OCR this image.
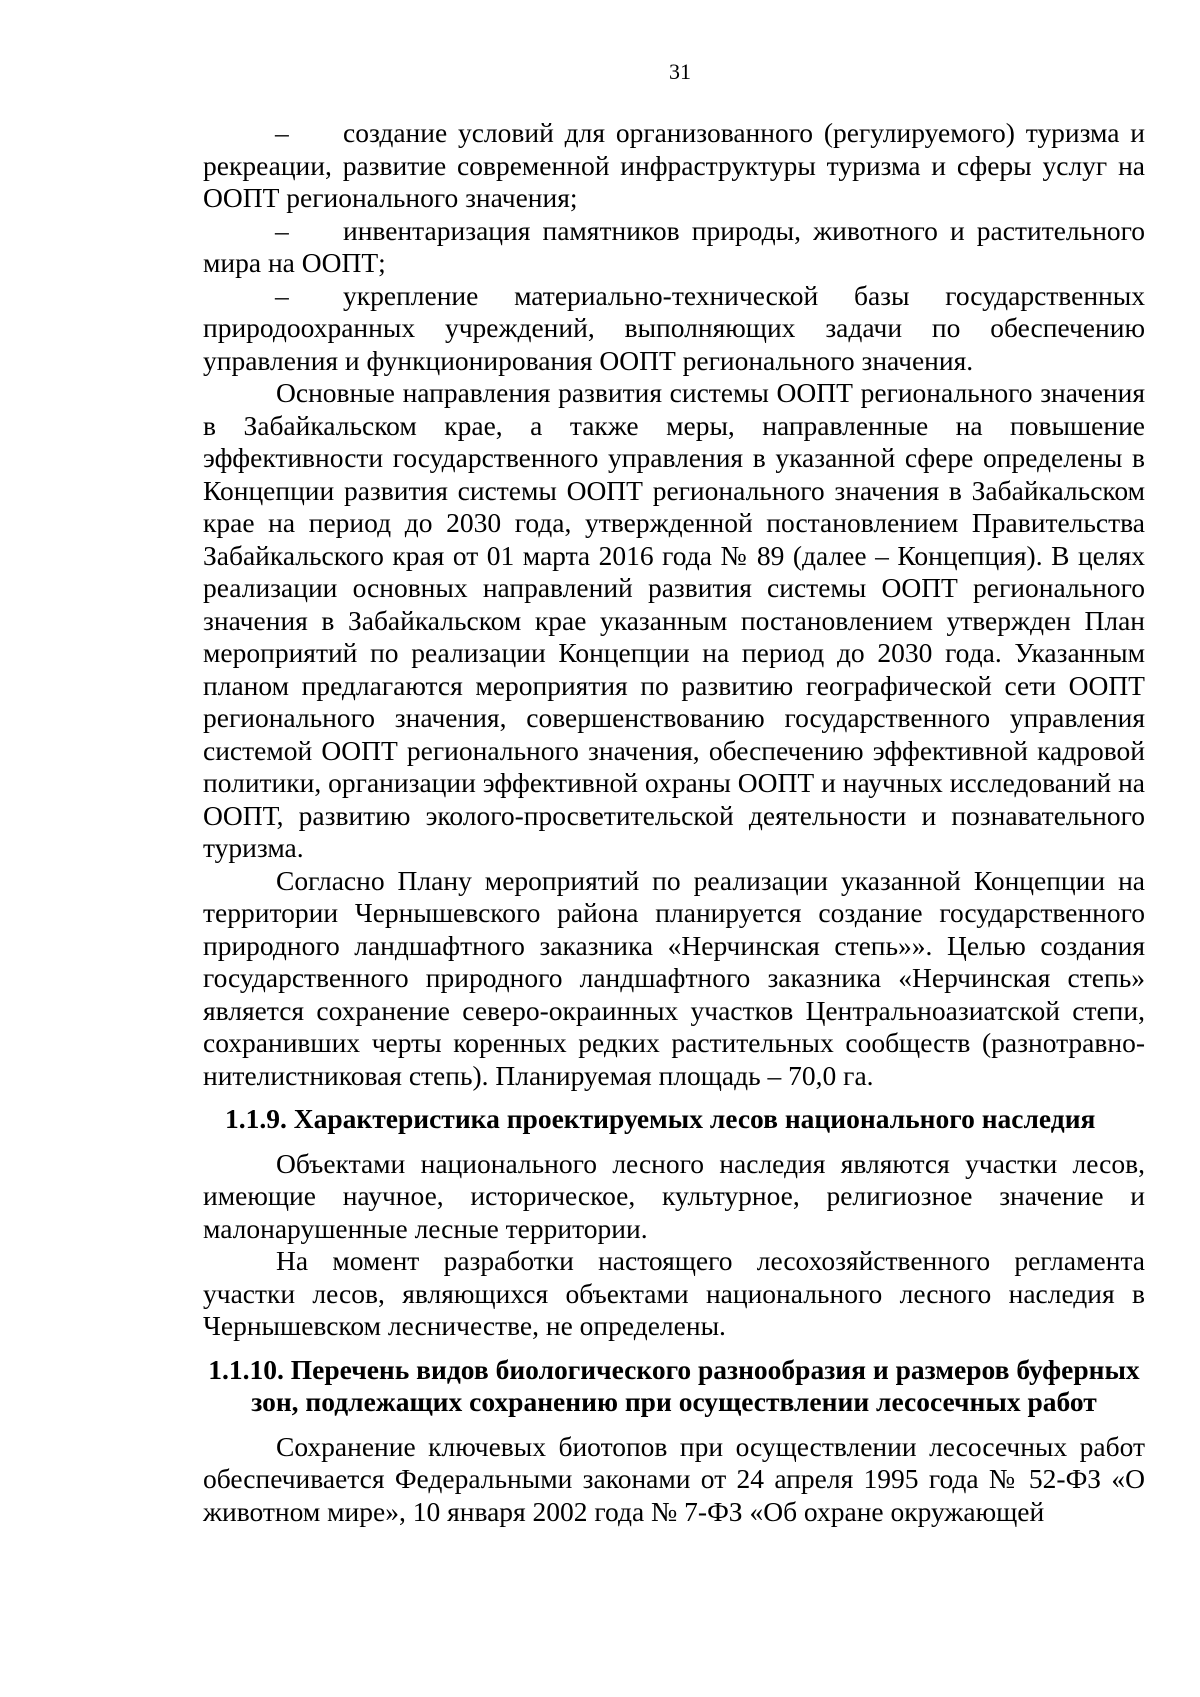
31

– создание условий для организованного (регулируемого) туризма и рекреации, развитие современной инфраструктуры туризма и сферы услуг на ООПТ регионального значения;

– инвентаризация памятников природы, животного и растительного мира на ООПТ;

– укрепление материально-технической базы государственных природоохранных учреждений, выполняющих задачи по обеспечению управления и функционирования ООПТ регионального значения.

Основные направления развития системы ООПТ регионального значения в Забайкальском крае, а также меры, направленные на повышение эффективности государственного управления в указанной сфере определены в Концепции развития системы ООПТ регионального значения в Забайкальском крае на период до 2030 года, утвержденной постановлением Правительства Забайкальского края от 01 марта 2016 года № 89 (далее – Концепция). В целях реализации основных направлений развития системы ООПТ регионального значения в Забайкальском крае указанным постановлением утвержден План мероприятий по реализации Концепции на период до 2030 года. Указанным планом предлагаются мероприятия по развитию географической сети ООПТ регионального значения, совершенствованию государственного управления системой ООПТ регионального значения, обеспечению эффективной кадровой политики, организации эффективной охраны ООПТ и научных исследований на ООПТ, развитию эколого-просветительской деятельности и познавательного туризма.

Согласно Плану мероприятий по реализации указанной Концепции на территории Чернышевского района планируется создание государственного природного ландшафтного заказника «Нерчинская степь»». Целью создания государственного природного ландшафтного заказника «Нерчинская степь» является сохранение северо-окраинных участков Центральноазиатской степи, сохранивших черты коренных редких растительных сообществ (разнотравно-нителистниковая степь). Планируемая площадь – 70,0 га.

1.1.9. Характеристика проектируемых лесов национального наследия

Объектами национального лесного наследия являются участки лесов, имеющие научное, историческое, культурное, религиозное значение и малонарушенные лесные территории.

На момент разработки настоящего лесохозяйственного регламента участки лесов, являющихся объектами национального лесного наследия в Чернышевском лесничестве, не определены.

1.1.10. Перечень видов биологического разнообразия и размеров буферных зон, подлежащих сохранению при осуществлении лесосечных работ

Сохранение ключевых биотопов при осуществлении лесосечных работ обеспечивается Федеральными законами от 24 апреля 1995 года № 52-ФЗ «О животном мире», 10 января 2002 года № 7-ФЗ «Об охране окружающей
